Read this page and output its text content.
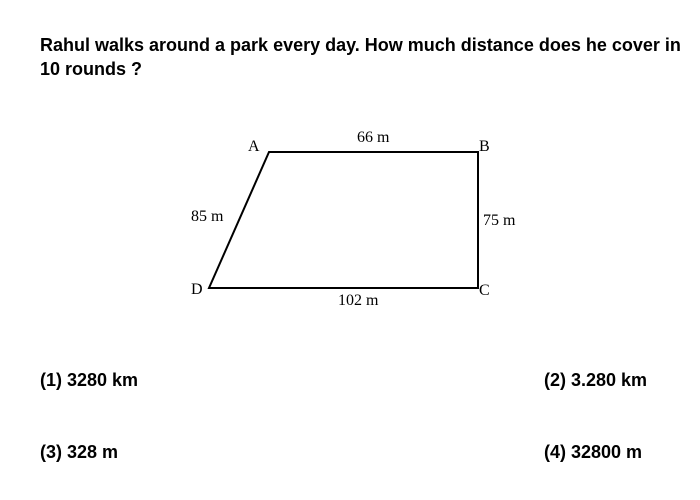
Rahul walks around a park every day. How much distance does he cover in 10 rounds ?

A	B
C
D
66 m
75 m
102 m
85 m
(1) 3280 km	(2) 3.280 km
(3) 328 m	(4) 32800 m
